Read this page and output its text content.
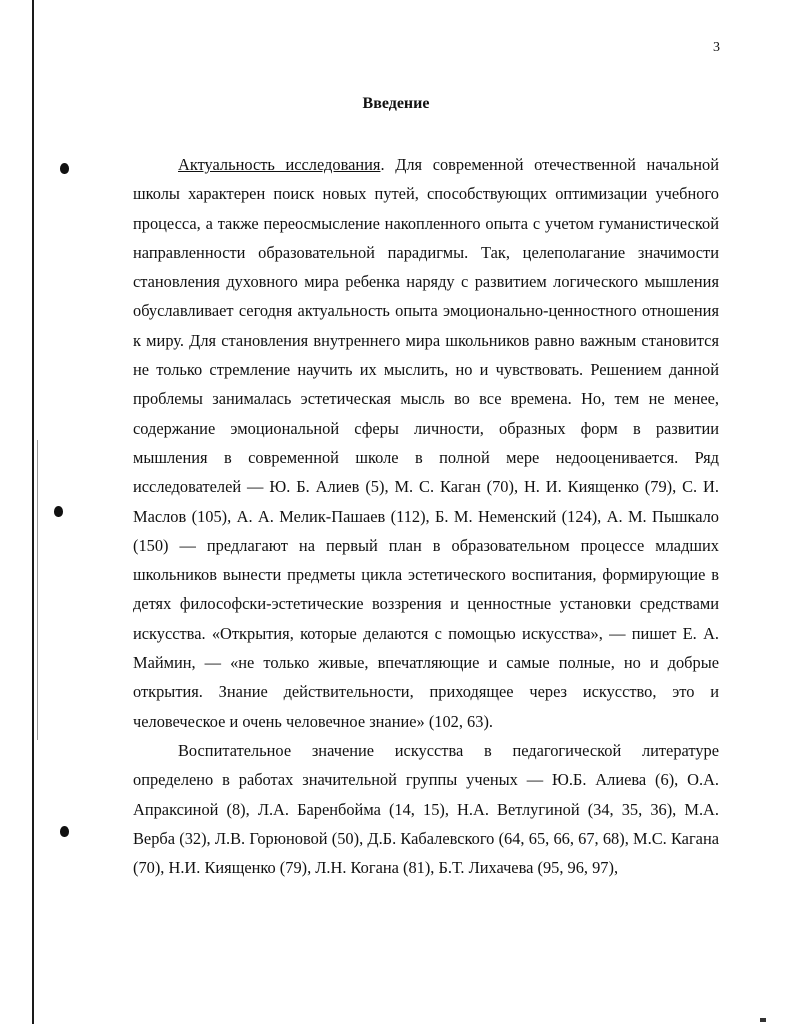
3
Введение

Актуальность исследования. Для современной отечественной начальной школы характерен поиск новых путей, способствующих оптимизации учебного процесса, а также переосмысление накопленного опыта с учетом гуманистической направленности образовательной парадигмы. Так, целеполагание значимости становления духовного мира ребенка наряду с развитием логического мышления обуславливает сегодня актуальность опыта эмоционально-ценностного отношения к миру. Для становления внутреннего мира школьников равно важным становится не только стремление научить их мыслить, но и чувствовать. Решением данной проблемы занималась эстетическая мысль во все времена. Но, тем не менее, содержание эмоциональной сферы личности, образных форм в развитии мышления в современной школе в полной мере недооценивается. Ряд исследователей — Ю. Б. Алиев (5), М. С. Каган (70), Н. И. Киященко (79), С. И. Маслов (105), А. А. Мелик-Пашаев (112), Б. М. Неменский (124), А. М. Пышкало (150) — предлагают на первый план в образовательном процессе младших школьников вынести предметы цикла эстетического воспитания, формирующие в детях философски-эстетические воззрения и ценностные установки средствами искусства. «Открытия, которые делаются с помощью искусства», — пишет Е. А. Маймин, — «не только живые, впечатляющие и самые полные, но и добрые открытия. Знание действительности, приходящее через искусство, это и человеческое и очень человечное знание» (102, 63).

Воспитательное значение искусства в педагогической литературе определено в работах значительной группы ученых — Ю.Б. Алиева (6), О.А. Апраксиной (8), Л.А. Баренбойма (14, 15), Н.А. Ветлугиной (34, 35, 36), М.А. Верба (32), Л.В. Горюновой (50), Д.Б. Кабалевского (64, 65, 66, 67, 68), М.С. Кагана (70), Н.И. Киященко (79), Л.Н. Когана (81), Б.Т. Лихачева (95, 96, 97),
